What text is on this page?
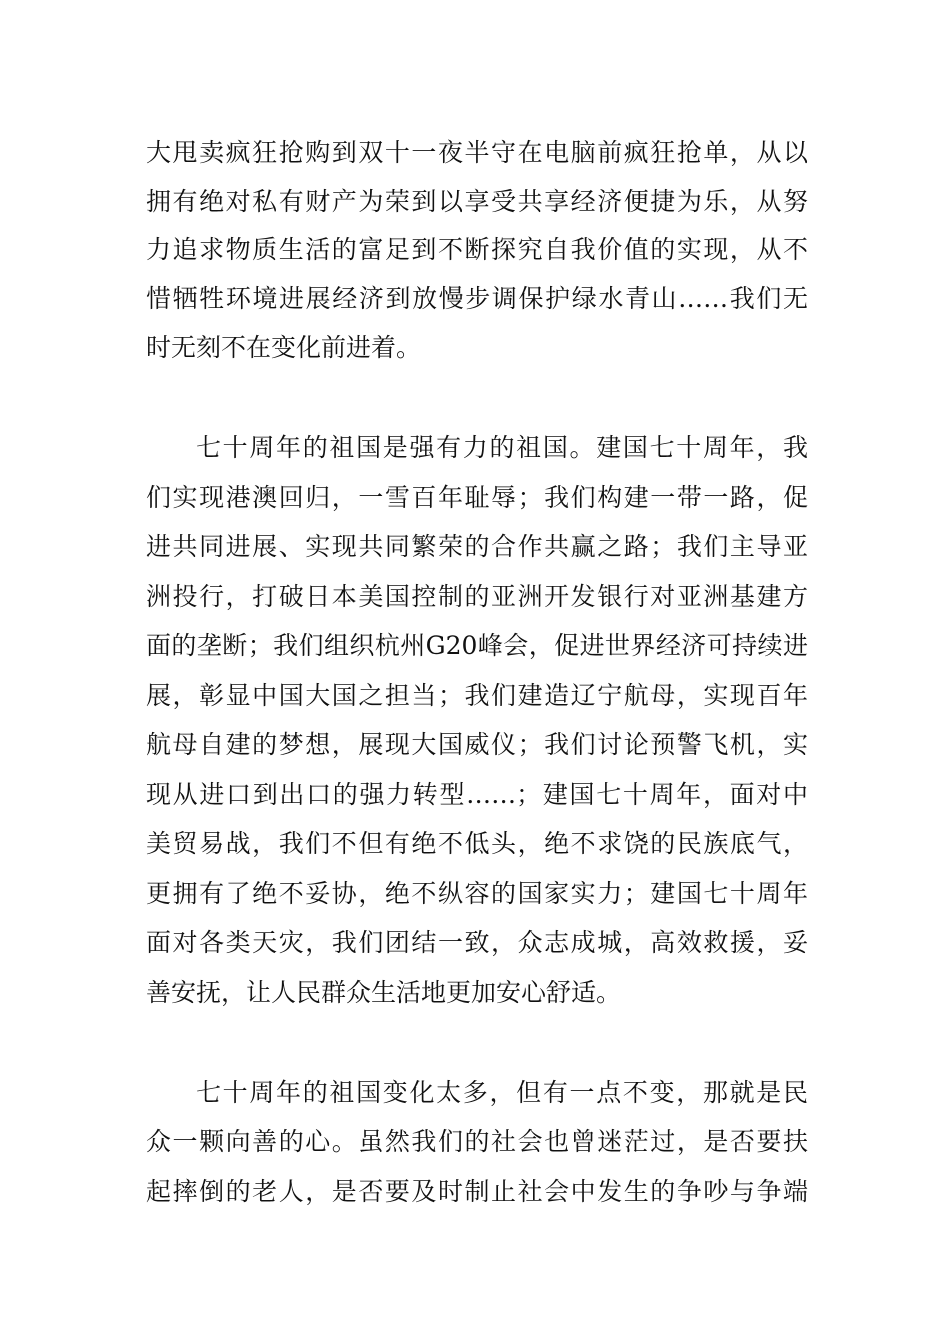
大甩卖疯狂抢购到双十一夜半守在电脑前疯狂抢单，从以
拥有绝对私有财产为荣到以享受共享经济便捷为乐，从努
力追求物质生活的富足到不断探究自我价值的实现，从不
惜牺牲环境进展经济到放慢步调保护绿水青山……我们无
时无刻不在变化前进着。
七十周年的祖国是强有力的祖国。建国七十周年，我
们实现港澳回归，一雪百年耻辱；我们构建一带一路，促
进共同进展、实现共同繁荣的合作共赢之路；我们主导亚
洲投行，打破日本美国控制的亚洲开发银行对亚洲基建方
面的垄断；我们组织杭州G20峰会，促进世界经济可持续进
展，彰显中国大国之担当；我们建造辽宁航母，实现百年
航母自建的梦想，展现大国威仪；我们讨论预警飞机，实
现从进口到出口的强力转型……；建国七十周年，面对中
美贸易战，我们不但有绝不低头，绝不求饶的民族底气，
更拥有了绝不妥协，绝不纵容的国家实力；建国七十周年
面对各类天灾，我们团结一致，众志成城，高效救援，妥
善安抚，让人民群众生活地更加安心舒适。
七十周年的祖国变化太多，但有一点不变，那就是民
众一颗向善的心。虽然我们的社会也曾迷茫过，是否要扶
起摔倒的老人，是否要及时制止社会中发生的争吵与争端
